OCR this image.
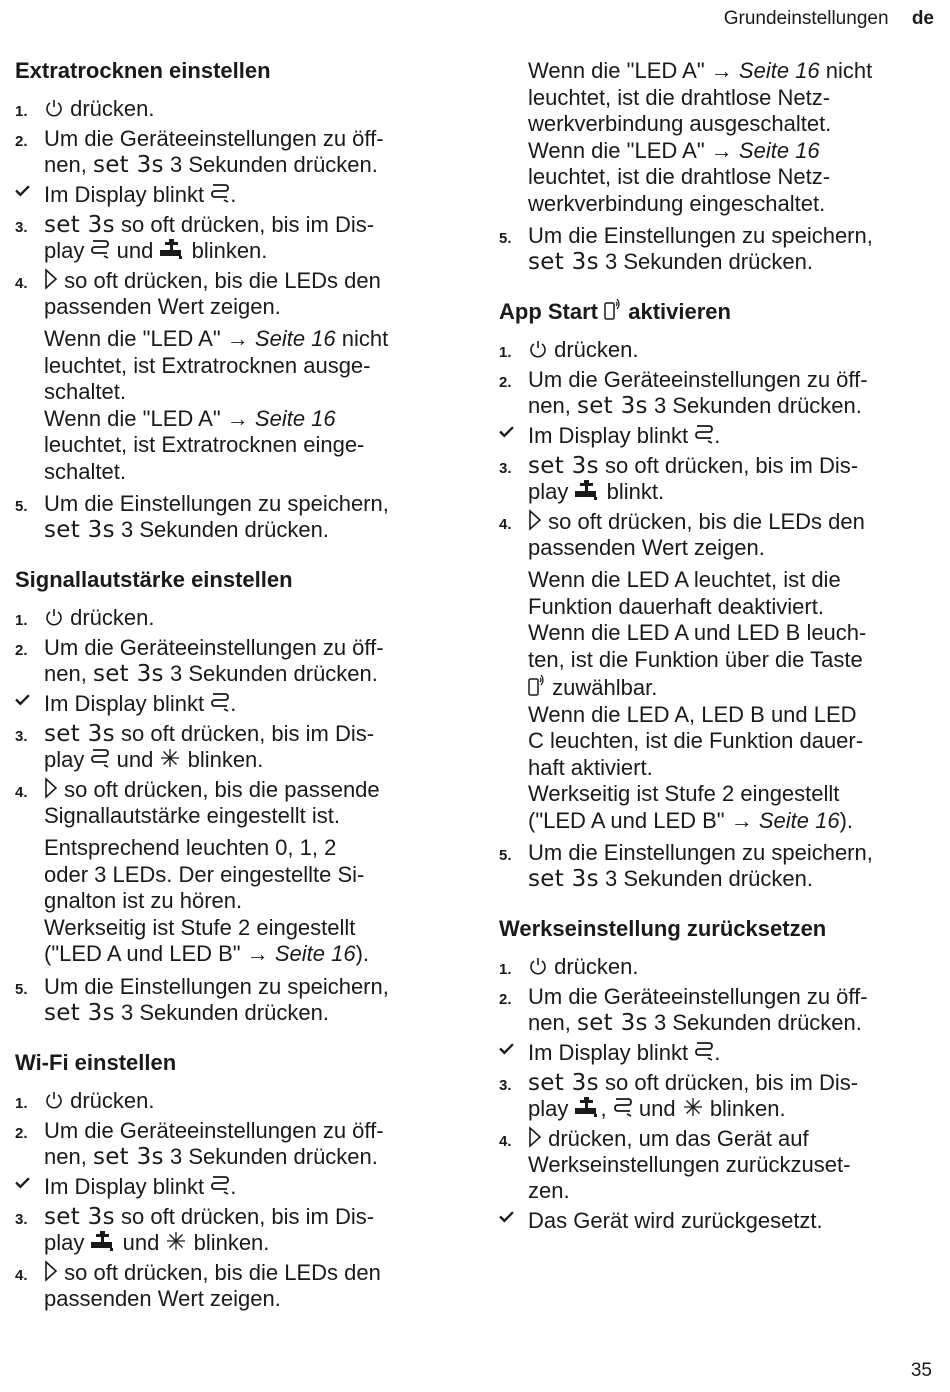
Grundeinstellungen de
Extratrocknen einstellen
1. drücken.
2. Um die Geräteeinstellungen zu öff-
nen, set 3s 3 Sekunden drücken.
Im Display blinkt .
3. set 3s so oft drücken, bis im Dis-
play und blinken.
4. so oft drücken, bis die LEDs den
passenden Wert zeigen.
Wenn die "LED A" → Seite 16 nicht
leuchtet, ist Extratrocknen ausge-
schaltet.
Wenn die "LED A" → Seite 16
leuchtet, ist Extratrocknen einge-
schaltet.
5. Um die Einstellungen zu speichern,
set 3s 3 Sekunden drücken.
Signallautstärke einstellen
1. drücken.
2. Um die Geräteeinstellungen zu öff-
nen, set 3s 3 Sekunden drücken.
Im Display blinkt .
3. set 3s so oft drücken, bis im Dis-
play und blinken.
4. so oft drücken, bis die passende
Signallautstärke eingestellt ist.
Entsprechend leuchten 0, 1, 2
oder 3 LEDs. Der eingestellte Si-
gnalton ist zu hören.
Werkseitig ist Stufe 2 eingestellt
("LED A und LED B" → Seite 16).
5. Um die Einstellungen zu speichern,
set 3s 3 Sekunden drücken.
Wi-Fi einstellen
1. drücken.
2. Um die Geräteeinstellungen zu öff-
nen, set 3s 3 Sekunden drücken.
Im Display blinkt .
3. set 3s so oft drücken, bis im Dis-
play und blinken.
4. so oft drücken, bis die LEDs den
passenden Wert zeigen.
Wenn die "LED A" → Seite 16 nicht
leuchtet, ist die drahtlose Netz-
werkverbindung ausgeschaltet.
Wenn die "LED A" → Seite 16
leuchtet, ist die drahtlose Netz-
werkverbindung eingeschaltet.
5. Um die Einstellungen zu speichern,
set 3s 3 Sekunden drücken.
App Start aktivieren
1. drücken.
2. Um die Geräteeinstellungen zu öff-
nen, set 3s 3 Sekunden drücken.
Im Display blinkt .
3. set 3s so oft drücken, bis im Dis-
play blinkt.
4. so oft drücken, bis die LEDs den
passenden Wert zeigen.
Wenn die LED A leuchtet, ist die
Funktion dauerhaft deaktiviert.
Wenn die LED A und LED B leuch-
ten, ist die Funktion über die Taste
zuwählbar.
Wenn die LED A, LED B und LED
C leuchten, ist die Funktion dauer-
haft aktiviert.
Werkseitig ist Stufe 2 eingestellt
("LED A und LED B" → Seite 16).
5. Um die Einstellungen zu speichern,
set 3s 3 Sekunden drücken.
Werkseinstellung zurücksetzen
1. drücken.
2. Um die Geräteeinstellungen zu öff-
nen, set 3s 3 Sekunden drücken.
Im Display blinkt .
3. set 3s so oft drücken, bis im Dis-
play ,  und blinken.
4. drücken, um das Gerät auf
Werkseinstellungen zurückzuset-
zen.
Das Gerät wird zurückgesetzt.
35
